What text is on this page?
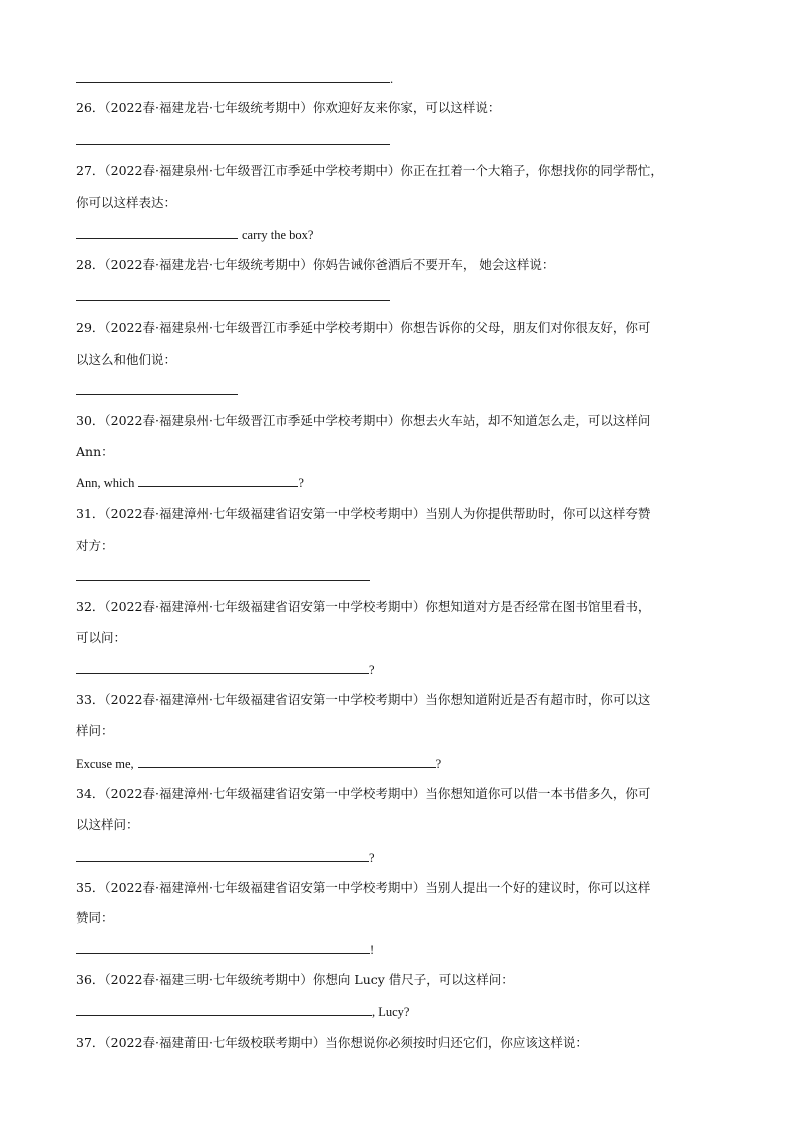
.
26．（2022春·福建龙岩·七年级统考期中）你欢迎好友来你家，可以这样说：
27．（2022春·福建泉州·七年级晋江市季延中学校考期中）你正在扛着一个大箱子，你想找你的同学帮忙，
你可以这样表达：
carry the box?
28．（2022春·福建龙岩·七年级统考期中）你妈告诫你爸酒后不要开车， 她会这样说：
29．（2022春·福建泉州·七年级晋江市季延中学校考期中）你想告诉你的父母，朋友们对你很友好，你可
以这么和他们说：
30．（2022春·福建泉州·七年级晋江市季延中学校考期中）你想去火车站，却不知道怎么走，可以这样问
Ann：
Ann, which	?
31．（2022春·福建漳州·七年级福建省诏安第一中学校考期中）当别人为你提供帮助时，你可以这样夸赞
对方：
32．（2022春·福建漳州·七年级福建省诏安第一中学校考期中）你想知道对方是否经常在图书馆里看书，
可以问：
?
33．（2022春·福建漳州·七年级福建省诏安第一中学校考期中）当你想知道附近是否有超市时，你可以这
样问：
Excuse me,	?
34．（2022春·福建漳州·七年级福建省诏安第一中学校考期中）当你想知道你可以借一本书借多久，你可
以这样问：
?
35．（2022春·福建漳州·七年级福建省诏安第一中学校考期中）当别人提出一个好的建议时，你可以这样
赞同：
!
36．（2022春·福建三明·七年级统考期中）你想向 Lucy 借尺子，可以这样问：
, Lucy?
37．（2022春·福建莆田·七年级校联考期中）当你想说你必须按时归还它们，你应该这样说：
